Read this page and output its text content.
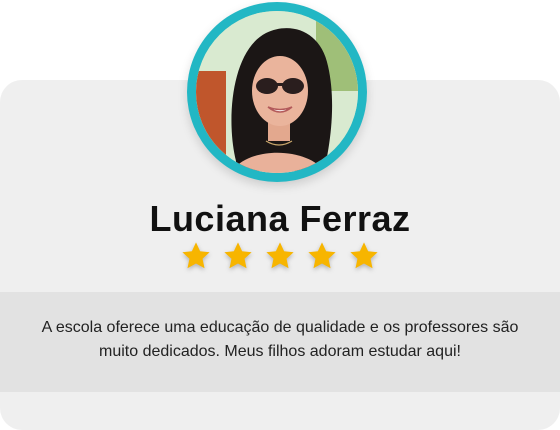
A escola oferece uma educação de qualidade e os professores são muito dedicados. Meus filhos adoram estudar aqui!

Luciana Ferraz
